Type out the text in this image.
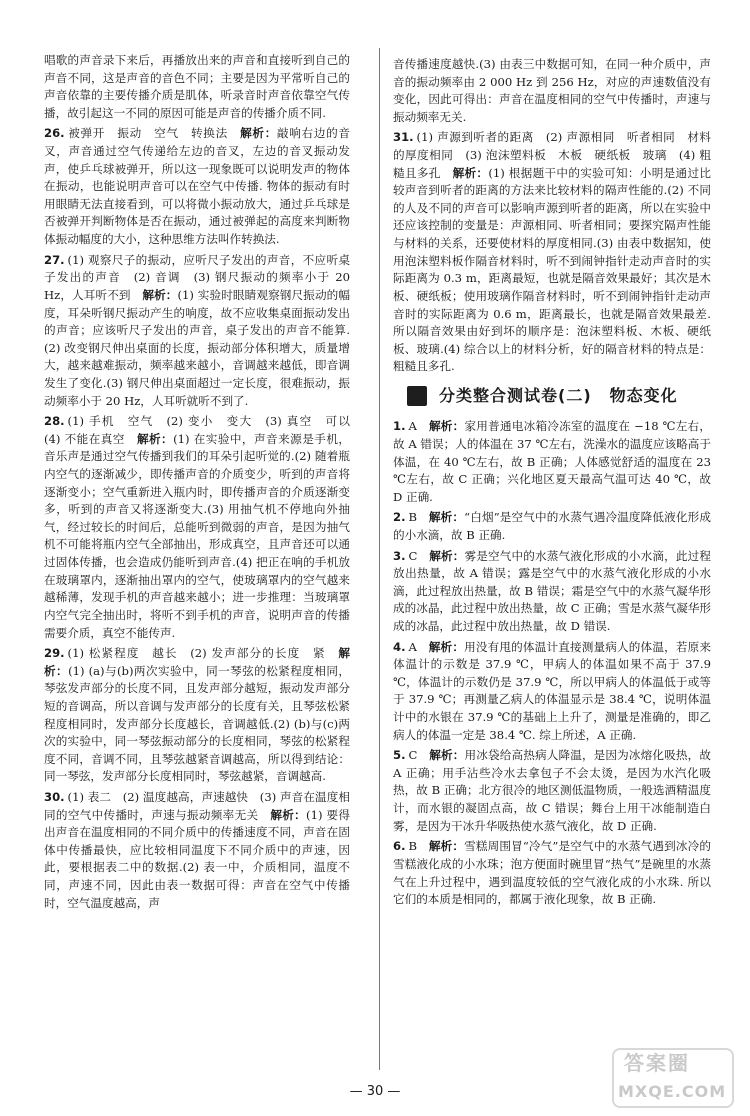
唱歌的声音录下来后，再播放出来的声音和直接听到自己的声音不同，这是声音的音色不同；主要是因为平常听自己的声音依靠的主要传播介质是肌体，听录音时声音依靠空气传播，故引起这一不同的原因可能是声音的传播介质不同.

26. 被弹开　振动　空气　转换法　 解析：敲响右边的音叉，声音通过空气传递给左边的音叉，左边的音叉振动发声，使乒乓球被弹开，所以这一现象既可以说明发声的物体在振动，也能说明声音可以在空气中传播. 物体的振动有时用眼睛无法直接看到，可以将微小振动放大，通过乒乓球是否被弹开判断物体是否在振动，通过被弹起的高度来判断物体振动幅度的大小，这种思维方法叫作转换法.
27. (1) 观察尺子的振动，应听尺子发出的声音，不应听桌子发出的声音　(2) 音调　(3) 钢尺振动的频率小于 20 Hz，人耳听不到　 解析：(1) 实验时眼睛观察钢尺振动的幅度，耳朵听钢尺振动产生的响度，故不应收集桌面振动发出的声音；应该听尺子发出的声音，桌子发出的声音不能算.(2) 改变钢尺伸出桌面的长度，振动部分体积增大，质量增大，越来越难振动，频率越来越小，音调越来越低，即音调发生了变化.(3) 钢尺伸出桌面超过一定长度，很难振动，振动频率小于 20 Hz，人耳听就听不到了.
28. (1) 手机　空气　(2) 变小　变大　(3) 真空　可以　(4) 不能在真空　 解析：(1) 在实验中，声音来源是手机，音乐声是通过空气传播到我们的耳朵引起听觉的.(2) 随着瓶内空气的逐渐减少，即传播声音的介质变少，听到的声音将逐渐变小；空气重新进入瓶内时，即传播声音的介质逐渐变多，听到的声音又将逐渐变大.(3) 用抽气机不停地向外抽气，经过较长的时间后，总能听到微弱的声音，是因为抽气机不可能将瓶内空气全部抽出，形成真空，且声音还可以通过固体传播，也会造成仍能听到声音.(4) 把正在响的手机放在玻璃罩内，逐渐抽出罩内的空气，使玻璃罩内的空气越来越稀薄，发现手机的声音越来越小；进一步推理：当玻璃罩内空气完全抽出时，将听不到手机的声音，说明声音的传播需要介质，真空不能传声.
29. (1) 松紧程度　越长　(2) 发声部分的长度　紧　 解析：(1) (a)与(b)两次实验中，同一琴弦的松紧程度相同，琴弦发声部分的长度不同，且发声部分越短，振动发声部分短的音调高，所以音调与发声部分的长度有关，且琴弦松紧程度相同时，发声部分长度越长，音调越低.(2) (b)与(c)两次的实验中，同一琴弦振动部分的长度相同，琴弦的松紧程度不同，音调不同，且琴弦越紧音调越高，所以得到结论：同一琴弦，发声部分长度相同时，琴弦越紧，音调越高.
30. (1) 表二　(2) 温度越高，声速越快　(3) 声音在温度相同的空气中传播时，声速与振动频率无关　 解析：(1) 要得出声音在温度相同的不同介质中的传播速度不同，声音在固体中传播最快，应比较相同温度下不同介质中的声速，因此，要根据表二中的数据.(2) 表一中，介质相同，温度不同，声速不同，因此由表一数据可得：声音在空气中传播时，空气温度越高，声

音传播速度越快.(3) 由表三中数据可知，在同一种介质中，声音的振动频率由 2 000 Hz 到 256 Hz，对应的声速数值没有变化，因此可得出：声音在温度相同的空气中传播时，声速与振动频率无关.

31. (1) 声源到听者的距离　(2) 声源相同　听者相同　材料的厚度相同　(3) 泡沫塑料板　木板　硬纸板　玻璃　(4) 粗糙且多孔　 解析：(1) 根据题干中的实验可知：小明是通过比较声音到听者的距离的方法来比较材料的隔声性能的.(2) 不同的人及不同的声音可以影响声源到听者的距离，所以在实验中还应该控制的变量是：声源相同、听者相同；要探究隔声性能与材料的关系，还要使材料的厚度相同.(3) 由表中数据知，使用泡沫塑料板作隔音材料时，听不到闹钟指针走动声音时的实际距离为 0.3 m，距离最短，也就是隔音效果最好；其次是木板、硬纸板；使用玻璃作隔音材料时，听不到闹钟指针走动声音时的实际距离为 0.6 m，距离最长，也就是隔音效果最差. 所以隔音效果由好到坏的顺序是：泡沫塑料板、木板、硬纸板、玻璃.(4) 综合以上的材料分析，好的隔音材料的特点是：粗糙且多孔.
分类整合测试卷(二) 物态变化
1. A　 解析：家用普通电冰箱冷冻室的温度在 −18 ℃左右，故 A 错误；人的体温在 37 ℃左右，洗澡水的温度应该略高于体温，在 40 ℃左右，故 B 正确；人体感觉舒适的温度在 23 ℃左右，故 C 正确；兴化地区夏天最高气温可达 40 ℃，故 D 正确.
2. B　 解析：“白烟”是空气中的水蒸气遇冷温度降低液化形成的小水滴，故 B 正确.
3. C　 解析：雾是空气中的水蒸气液化形成的小水滴，此过程放出热量，故 A 错误；露是空气中的水蒸气液化形成的小水滴，此过程放出热量，故 B 错误；霜是空气中的水蒸气凝华形成的冰晶，此过程中放出热量，故 C 正确；雪是水蒸气凝华形成的冰晶，此过程中放出热量，故 D 错误.
4. A　 解析：用没有甩的体温计直接测量病人的体温，若原来体温计的示数是 37.9 ℃，甲病人的体温如果不高于 37.9 ℃，体温计的示数仍是 37.9 ℃，所以甲病人的体温低于或等于 37.9 ℃；再测量乙病人的体温显示是 38.4 ℃，说明体温计中的水银在 37.9 ℃的基础上上升了，测量是准确的，即乙病人的体温一定是 38.4 ℃. 综上所述，A 正确.
5. C　 解析：用冰袋给高热病人降温，是因为冰熔化吸热，故 A 正确；用手沾些冷水去拿包子不会太烫，是因为水汽化吸热，故 B 正确；北方很冷的地区测低温物质，一般选酒精温度计，而水银的凝固点高，故 C 错误；舞台上用干冰能制造白雾，是因为干冰升华吸热使水蒸气液化，故 D 正确.
6. B　 解析：雪糕周围冒“冷气”是空气中的水蒸气遇到冰冷的雪糕液化成的小水珠；泡方便面时碗里冒“热气”是碗里的水蒸气在上升过程中，遇到温度较低的空气液化成的小水珠. 所以它们的本质是相同的，都属于液化现象，故 B 正确.
— 30 —
答案圈
MXQE.COM
